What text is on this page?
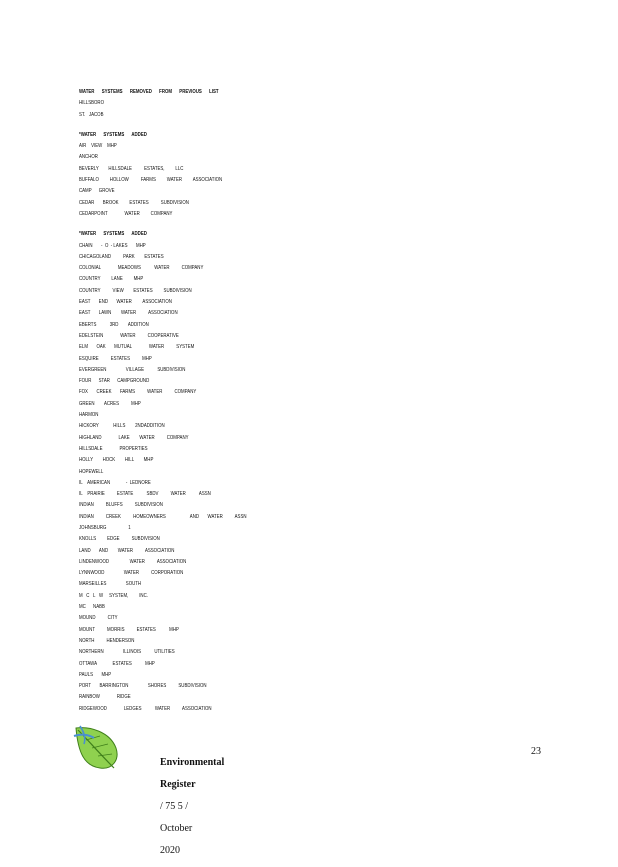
WATER      SYSTEMS      REMOVED      FROM      PREVIOUS      LIST
HILLSBORO
ST.   JACOB
*WATER      SYSTEMS      ADDED
AIR    VIEW    MHP
ANCHOR
BEVERLY        HILLSDALE          ESTATES,         LLC
BUFFALO         HOLLOW          FARMS         WATER         ASSOCIATION
CAMP      GROVE
CEDAR       BROOK         ESTATES          SUBDIVISION
CEDARPOINT              WATER         COMPANY
*WATER      SYSTEMS      ADDED
CHAIN       -  O  - LAKES       MHP
CHICAGOLAND          PARK        ESTATES
COLONIAL              MEADOWS           WATER          COMPANY
COUNTRY         LANE         MHP
COUNTRY          VIEW        ESTATES         SUBDIVISION
EAST       END       WATER         ASSOCIATION
EAST       LAWN        WATER          ASSOCIATION
EBERTS           3RD        ADDITION
EDELSTEIN              WATER          COOPERATIVE
ELM       OAK       MUTUAL              WATER          SYSTEM
ESQUIRE          ESTATES          MHP
EVERGREEN                VILLAGE           SUBDIVISION
FOUR      STAR      CAMPGROUND
FOX       CREEK       FARMS          WATER          COMPANY
GREEN        ACRES          MHP
HARMON
HICKORY            HILLS        2NDADDITION
HIGHLAND              LAKE        WATER          COMPANY
HILLSDALE              PROPERTIES
HOLLY        HOCK        HILL        MHP
HOPEWELL
IL    AMERICAN             -  LEDNORE
IL    PRAIRIE          ESTATE           SBDV          WATER           ASSN
INDIAN          BLUFFS          SUBDIVISION
INDIAN          CREEK          HOMEOWNERS                    AND       WATER          ASSN
JOHNSBURG                  1
KNOLLS         EDGE          SUBDIVISION
LAND       AND        WATER          ASSOCIATION
LINDENWOOD                 WATER          ASSOCIATION
LYNNWOOD                WATER          CORPORATION
MARSEILLES                SOUTH
M   C   L   W     SYSTEM,         INC.
MC      NABB
MOUND          CITY
MOUNT          MORRIS          ESTATES           MHP
NORTH          HENDERSON
NORTHERN                ILLINOIS           UTILITIES
OTTAWA             ESTATES           MHP
PAULS       MHP
PORT       BARRINGTON                SHORES          SUBDIVISION
RAINBOW              RIDGE
RIDGEWOOD              LEDGES           WATER          ASSOCIATION

Environmental

Register

/ 75 5 /

October

2020

23
